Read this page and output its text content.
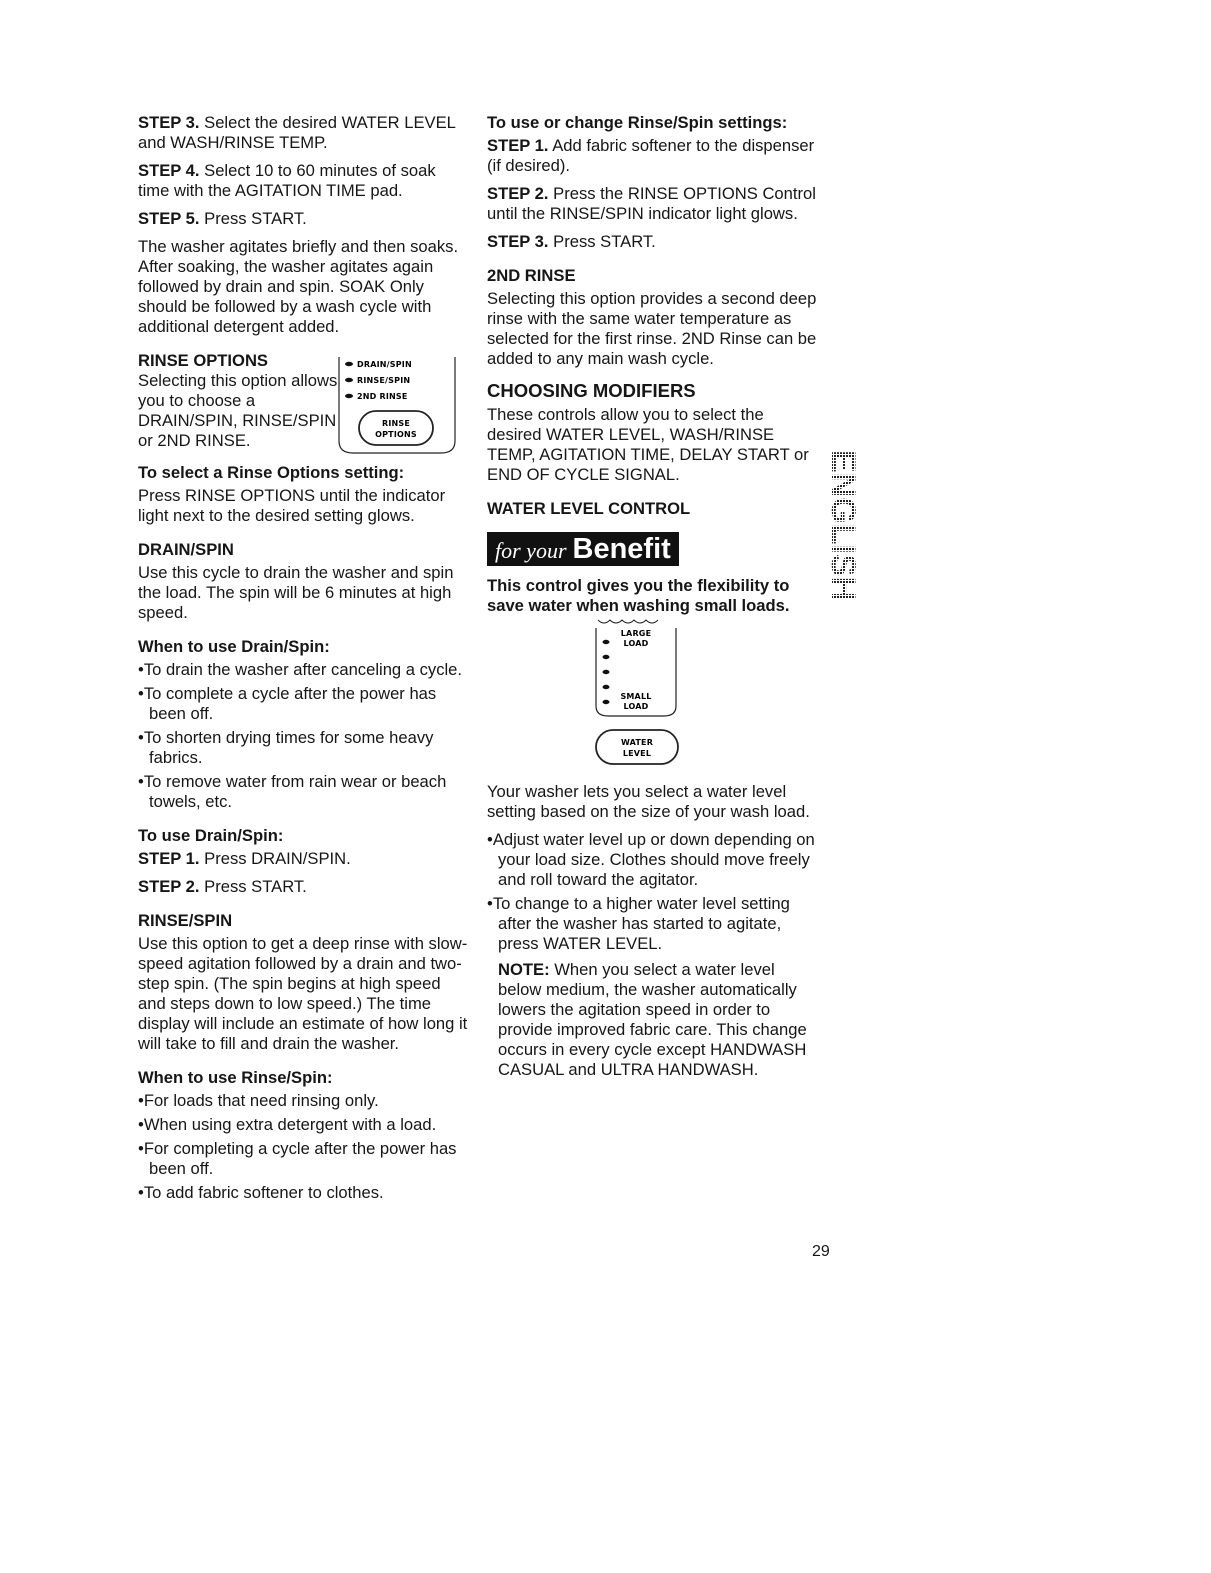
STEP 3. Select the desired WATER LEVEL and WASH/RINSE TEMP.

STEP 4. Select 10 to 60 minutes of soak time with the AGITATION TIME pad.

STEP 5. Press START.

The washer agitates briefly and then soaks. After soaking, the washer agitates again followed by drain and spin. SOAK Only should be followed by a wash cycle with additional detergent added.

RINSE OPTIONS
Selecting this option allows you to choose a DRAIN/SPIN, RINSE/SPIN or 2ND RINSE.
DRAIN/SPIN
RINSE/SPIN
2ND RINSE
RINSE
OPTIONS
To select a Rinse Options setting:

Press RINSE OPTIONS until the indicator light next to the desired setting glows.

DRAIN/SPIN

Use this cycle to drain the washer and spin the load. The spin will be 6 minutes at high speed.

When to use Drain/Spin:
• To drain the washer after canceling a cycle.
• To complete a cycle after the power has been off.
• To shorten drying times for some heavy fabrics.
• To remove water from rain wear or beach towels, etc.
To use Drain/Spin:

STEP 1. Press DRAIN/SPIN.

STEP 2. Press START.

RINSE/SPIN

Use this option to get a deep rinse with slow-speed agitation followed by a drain and two-step spin. (The spin begins at high speed and steps down to low speed.) The time display will include an estimate of how long it will take to fill and drain the washer.

When to use Rinse/Spin:
• For loads that need rinsing only.
• When using extra detergent with a load.
• For completing a cycle after the power has been off.
• To add fabric softener to clothes.
To use or change Rinse/Spin settings:

STEP 1. Add fabric softener to the dispenser (if desired).

STEP 2. Press the RINSE OPTIONS Control until the RINSE/SPIN indicator light glows.

STEP 3. Press START.

2ND RINSE

Selecting this option provides a second deep rinse with the same water temperature as selected for the first rinse. 2ND Rinse can be added to any main wash cycle.

CHOOSING MODIFIERS

These controls allow you to select the desired WATER LEVEL, WASH/RINSE TEMP, AGITATION TIME, DELAY START or END OF CYCLE SIGNAL.

WATER LEVEL CONTROL
for your Benefit
This control gives you the flexibility to save water when washing small loads.
LARGE
LOAD
SMALL
LOAD
WATER
LEVEL

Your washer lets you select a water level setting based on the size of your wash load.

• Adjust water level up or down depending on your load size. Clothes should move freely and roll toward the agitator.
• To change to a higher water level setting after the washer has started to agitate, press WATER LEVEL.

NOTE: When you select a water level below medium, the washer automatically lowers the agitation speed in order to provide improved fabric care. This change occurs in every cycle except HANDWASH CASUAL and ULTRA HANDWASH.

ENGLISH
29
